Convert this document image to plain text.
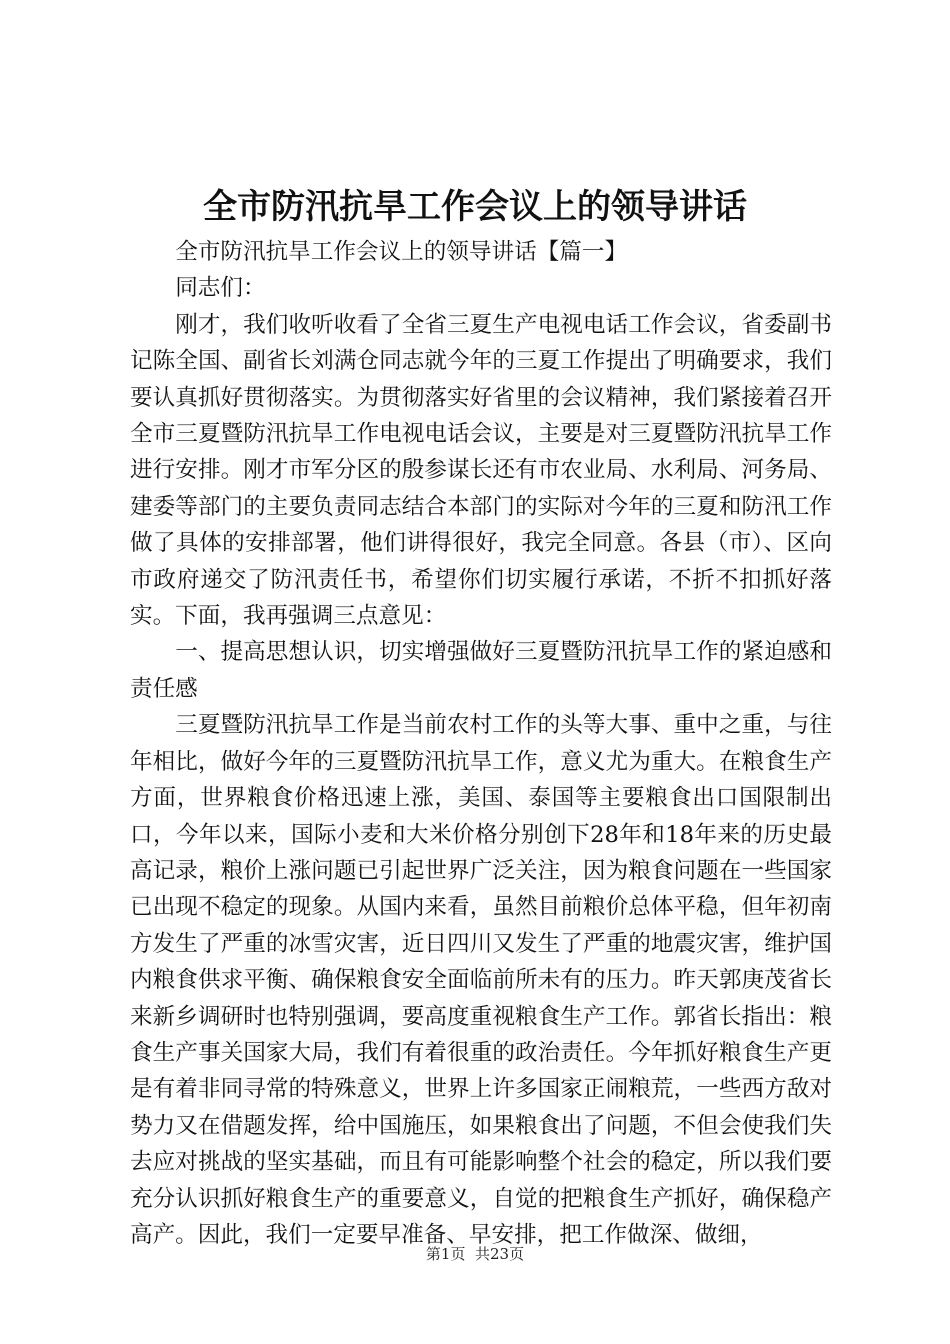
全市防汛抗旱工作会议上的领导讲话

全市防汛抗旱工作会议上的领导讲话【篇一】

同志们：

刚才，我们收听收看了全省三夏生产电视电话工作会议，省委副书记陈全国、副省长刘满仓同志就今年的三夏工作提出了明确要求，我们要认真抓好贯彻落实。为贯彻落实好省里的会议精神，我们紧接着召开全市三夏暨防汛抗旱工作电视电话会议，主要是对三夏暨防汛抗旱工作进行安排。刚才市军分区的殷参谋长还有市农业局、水利局、河务局、建委等部门的主要负责同志结合本部门的实际对今年的三夏和防汛工作做了具体的安排部署，他们讲得很好，我完全同意。各县（市）、区向市政府递交了防汛责任书，希望你们切实履行承诺，不折不扣抓好落实。下面，我再强调三点意见：

一、提高思想认识，切实增强做好三夏暨防汛抗旱工作的紧迫感和责任感

三夏暨防汛抗旱工作是当前农村工作的头等大事、重中之重，与往年相比，做好今年的三夏暨防汛抗旱工作，意义尤为重大。在粮食生产方面，世界粮食价格迅速上涨，美国、泰国等主要粮食出口国限制出口，今年以来，国际小麦和大米价格分别创下28年和18年来的历史最高记录，粮价上涨问题已引起世界广泛关注，因为粮食问题在一些国家已出现不稳定的现象。从国内来看，虽然目前粮价总体平稳，但年初南方发生了严重的冰雪灾害，近日四川又发生了严重的地震灾害，维护国内粮食供求平衡、确保粮食安全面临前所未有的压力。昨天郭庚茂省长来新乡调研时也特别强调，要高度重视粮食生产工作。郭省长指出：粮食生产事关国家大局，我们有着很重的政治责任。今年抓好粮食生产更是有着非同寻常的特殊意义，世界上许多国家正闹粮荒，一些西方敌对势力又在借题发挥，给中国施压，如果粮食出了问题，不但会使我们失去应对挑战的坚实基础，而且有可能影响整个社会的稳定，所以我们要充分认识抓好粮食生产的重要意义，自觉的把粮食生产抓好，确保稳产高产。因此，我们一定要早准备、早安排，把工作做深、做细，

第1页 共23页
